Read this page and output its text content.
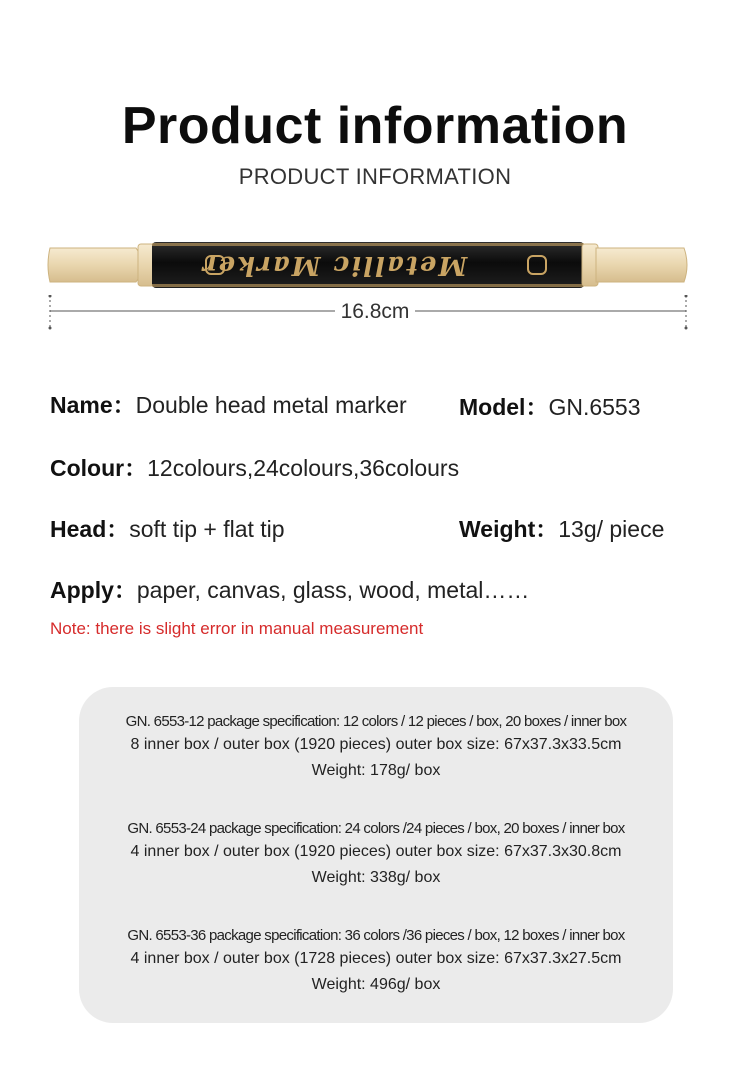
Product information
PRODUCT INFORMATION
Metallic Marker
16.8cm
Name：Double head metal marker Model：GN.6553
Colour：12colours,24colours,36colours
Head：soft tip + flat tip	Weight：13g/ piece
Apply：paper, canvas, glass, wood, metal……
Note: there is slight error in manual measurement
GN. 6553-12 package specification: 12 colors / 12 pieces / box, 20 boxes / inner box
8 inner box / outer box (1920 pieces) outer box size: 67x37.3x33.5cm
Weight: 178g/ box
GN. 6553-24 package specification: 24 colors /24 pieces / box, 20 boxes / inner box
4 inner box / outer box (1920 pieces) outer box size: 67x37.3x30.8cm
Weight: 338g/ box
GN. 6553-36 package specification: 36 colors /36 pieces / box, 12 boxes / inner box
4 inner box / outer box (1728 pieces) outer box size: 67x37.3x27.5cm
Weight: 496g/ box
